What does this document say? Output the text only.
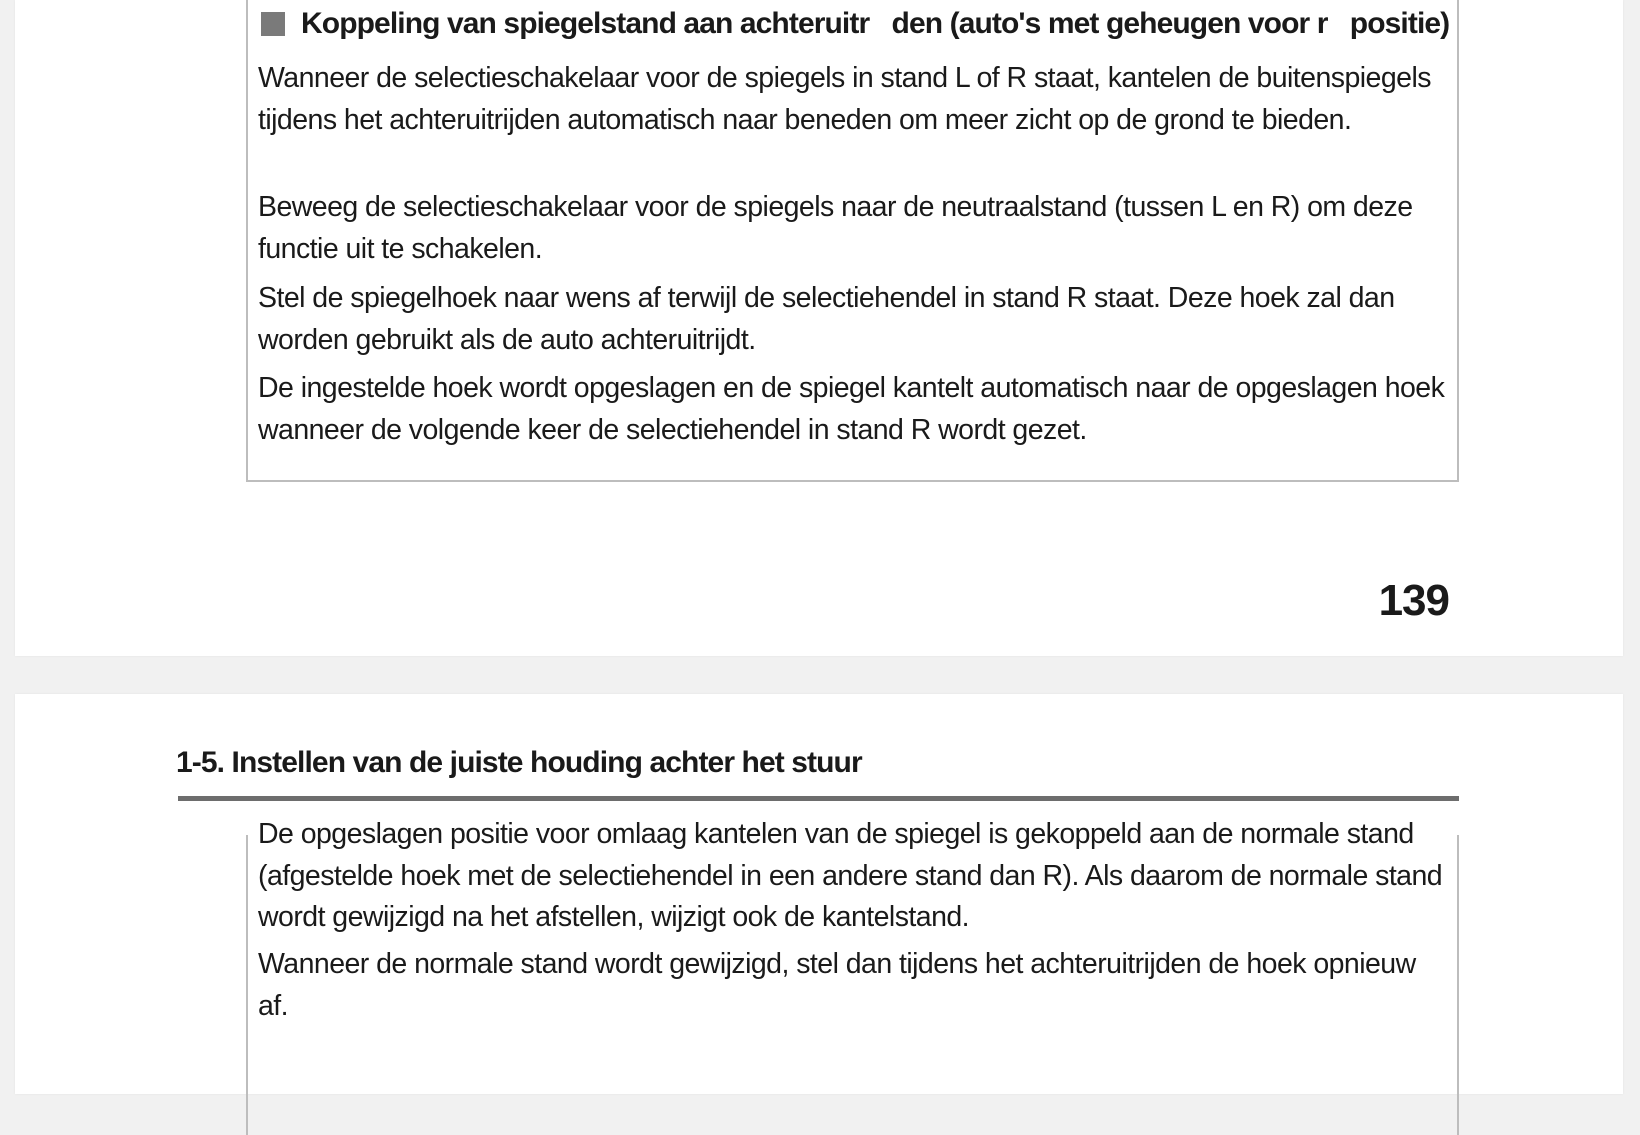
Koppeling van spiegelstand aan achteruitr   den (auto's met geheugen voor r   positie)

Wanneer de selectieschakelaar voor de spiegels in stand L of R staat, kantelen de buitenspiegels tijdens het achteruitrijden automatisch naar beneden om meer zicht op de grond te bieden.

Beweeg de selectieschakelaar voor de spiegels naar de neutraalstand (tussen L en R) om deze functie uit te schakelen.

Stel de spiegelhoek naar wens af terwijl de selectiehendel in stand R staat. Deze hoek zal dan worden gebruikt als de auto achteruitrijdt.

De ingestelde hoek wordt opgeslagen en de spiegel kantelt automatisch naar de opgeslagen hoek wanneer de volgende keer de selectiehendel in stand R wordt gezet.

139
1-5. Instellen van de juiste houding achter het stuur

De opgeslagen positie voor omlaag kantelen van de spiegel is gekoppeld aan de normale stand (afgestelde hoek met de selectiehendel in een andere stand dan R). Als daarom de normale stand wordt gewijzigd na het afstellen, wijzigt ook de kantelstand.

Wanneer de normale stand wordt gewijzigd, stel dan tijdens het achteruitrijden de hoek opnieuw af.
